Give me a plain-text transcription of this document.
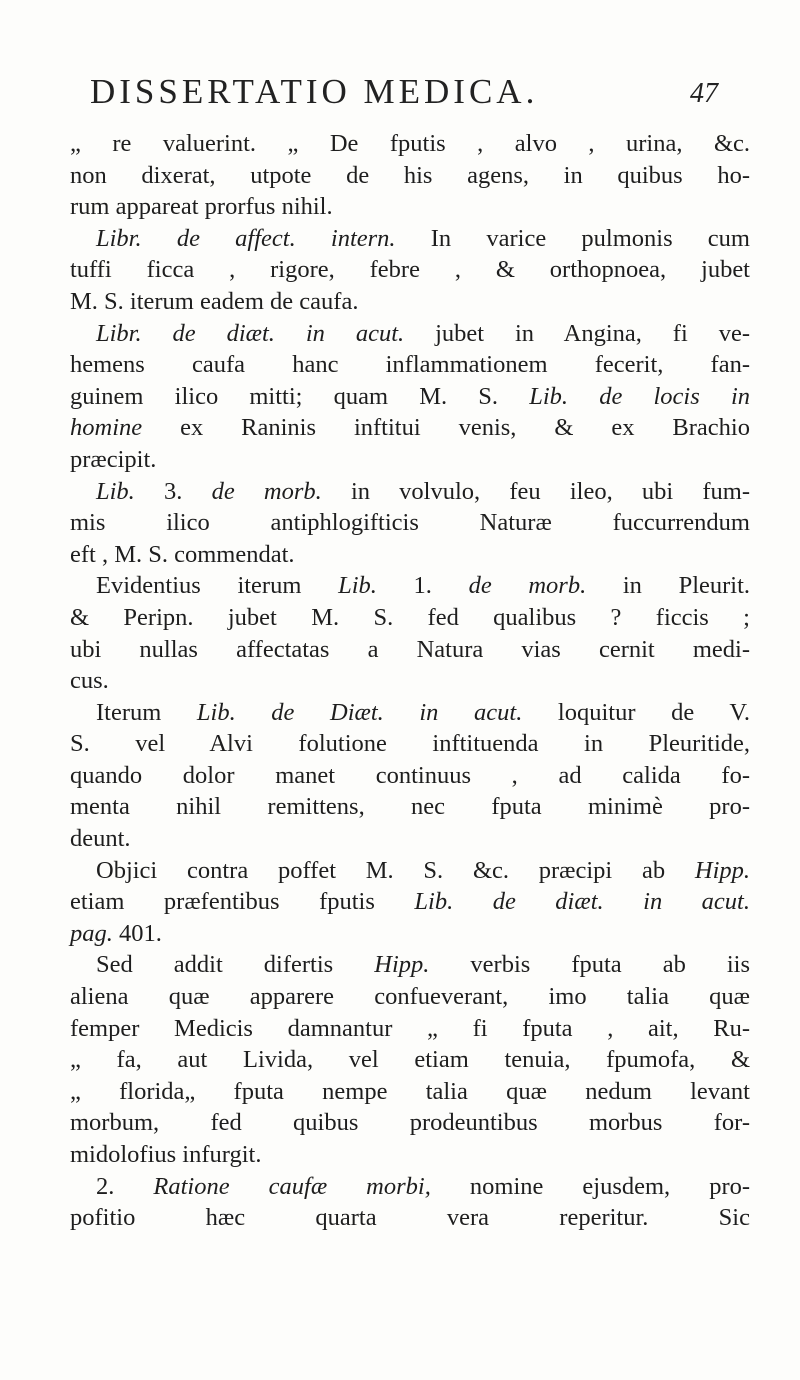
DISSERTATIO MEDICA.	47
„ re valuerint. „ De fputis , alvo , urina, &c.
non dixerat, utpote de his agens, in quibus ho-
rum appareat prorfus nihil.
Libr. de affect. intern. In varice pulmonis cum
tuffi ficca , rigore, febre , & orthopnoea, jubet
M. S. iterum eadem de caufa.
Libr. de diæt. in acut. jubet in Angina, fi ve-
hemens caufa hanc inflammationem fecerit, fan-
guinem ilico mitti; quam M. S. Lib. de locis in
homine ex Raninis inftitui venis, & ex Brachio
præcipit.
Lib. 3. de morb. in volvulo, feu ileo, ubi fum-
mis ilico antiphlogifticis Naturæ fuccurrendum
eft , M. S. commendat.
Evidentius iterum Lib. 1. de morb. in Pleurit.
& Peripn. jubet M. S. fed qualibus ? ficcis ;
ubi nullas affectatas a Natura vias cernit medi-
cus.
Iterum Lib. de Diæt. in acut. loquitur de V.
S. vel Alvi folutione inftituenda in Pleuritide,
quando dolor manet continuus , ad calida fo-
menta nihil remittens, nec fputa minimè pro-
deunt.
Objici contra poffet M. S. &c. præcipi ab Hipp.
etiam præfentibus fputis Lib. de diæt. in acut.
pag. 401.
Sed addit difertis Hipp. verbis fputa ab iis
aliena quæ apparere confueverant, imo talia quæ
femper Medicis damnantur „ fi fputa , ait, Ru-
„ fa, aut Livida, vel etiam tenuia, fpumofa, &
„ florida„ fputa nempe talia quæ nedum levant
morbum, fed quibus prodeuntibus morbus for-
midolofius infurgit.
2. Ratione caufæ morbi, nomine ejusdem, pro-
pofitio hæc quarta vera reperitur. Sic
